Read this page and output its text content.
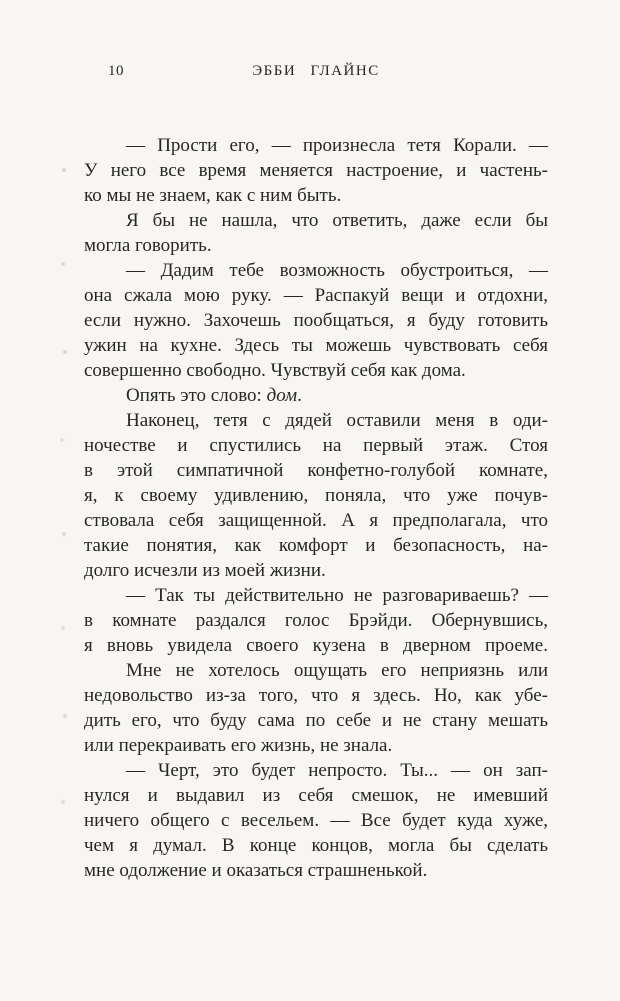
10	ЭББИ ГЛАЙНС
— Прости его, — произнесла тетя Корали. —
У него все время меняется настроение, и частень-
ко мы не знаем, как с ним быть.
Я бы не нашла, что ответить, даже если бы
могла говорить.
— Дадим тебе возможность обустроиться, —
она сжала мою руку. — Распакуй вещи и отдохни,
если нужно. Захочешь пообщаться, я буду готовить
ужин на кухне. Здесь ты можешь чувствовать себя
совершенно свободно. Чувствуй себя как дома.
Опять это слово: дом.
Наконец, тетя с дядей оставили меня в оди-
ночестве и спустились на первый этаж. Стоя
в этой симпатичной конфетно-голубой комнате,
я, к своему удивлению, поняла, что уже почув-
ствовала себя защищенной. А я предполагала, что
такие понятия, как комфорт и безопасность, на-
долго исчезли из моей жизни.
— Так ты действительно не разговариваешь? —
в комнате раздался голос Брэйди. Обернувшись,
я вновь увидела своего кузена в дверном проеме.
Мне не хотелось ощущать его неприязнь или
недовольство из-за того, что я здесь. Но, как убе-
дить его, что буду сама по себе и не стану мешать
или перекраивать его жизнь, не знала.
— Черт, это будет непросто. Ты... — он зап-
нулся и выдавил из себя смешок, не имевший
ничего общего с весельем. — Все будет куда хуже,
чем я думал. В конце концов, могла бы сделать
мне одолжение и оказаться страшненькой.
